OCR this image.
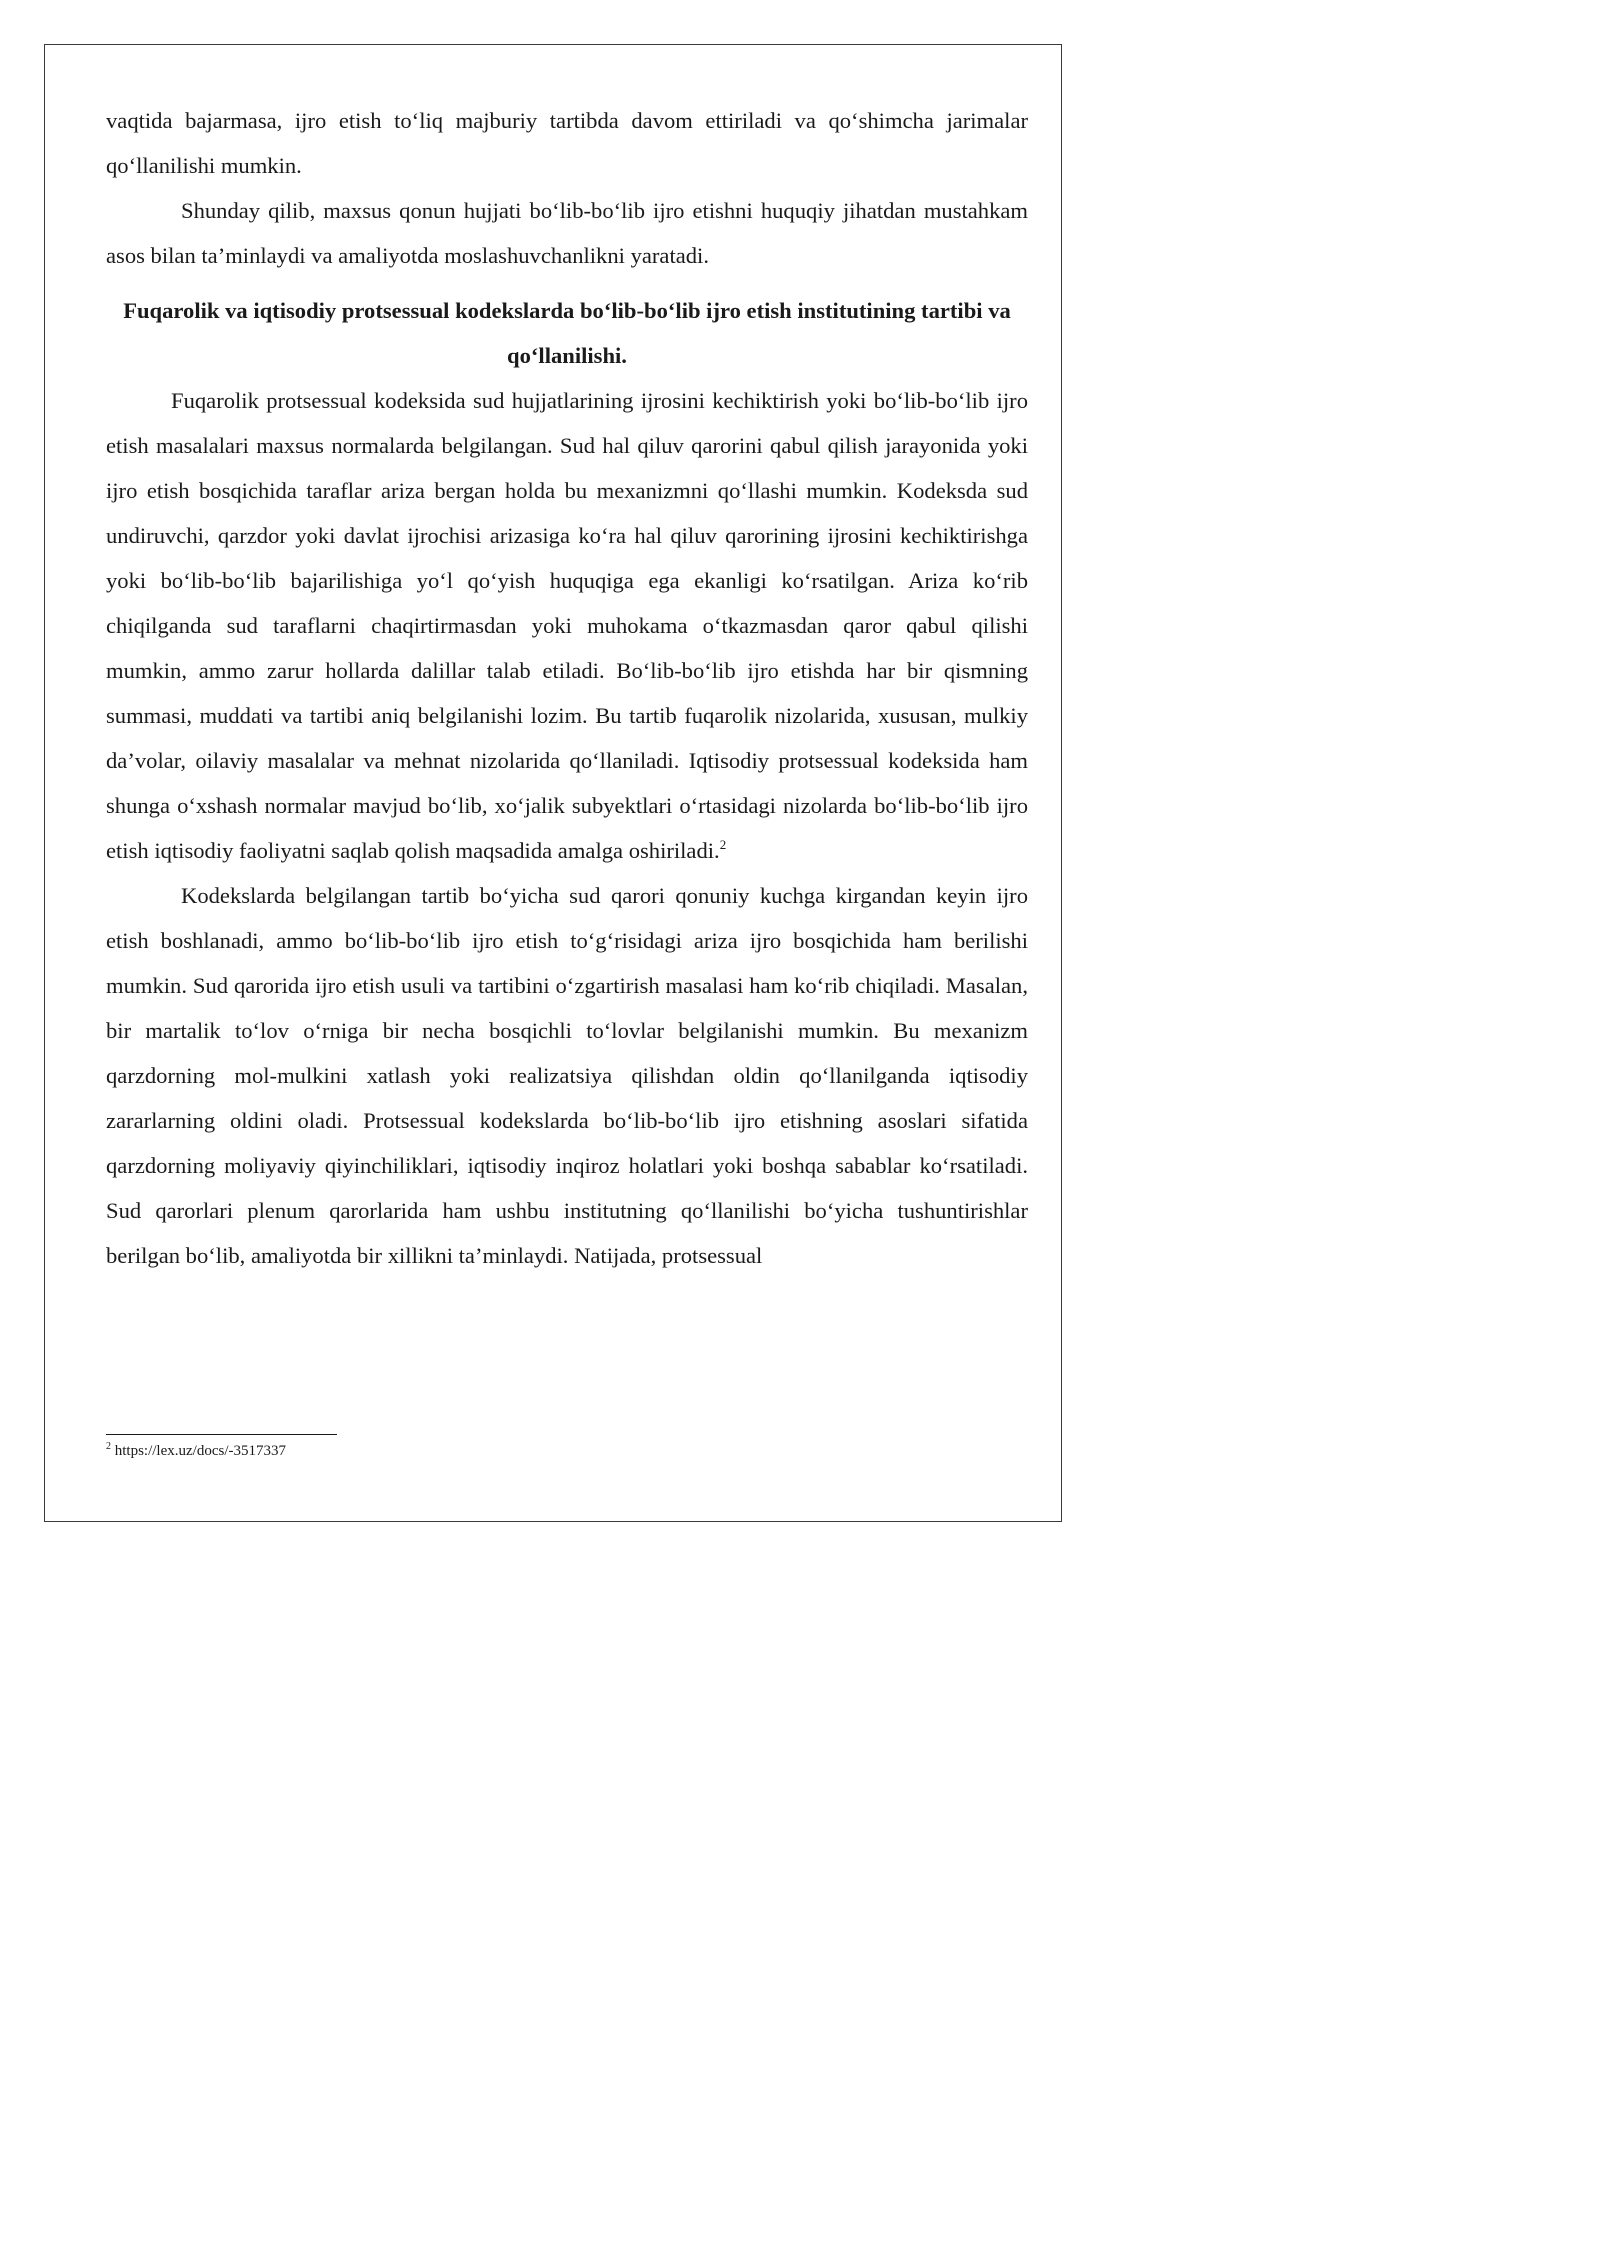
vaqtida bajarmasa, ijro etish to‘liq majburiy tartibda davom ettiriladi va qo‘shimcha jarimalar qo‘llanilishi mumkin.

Shunday qilib, maxsus qonun hujjati bo‘lib-bo‘lib ijro etishni huquqiy jihatdan mustahkam asos bilan ta’minlaydi va amaliyotda moslashuvchanlikni yaratadi.

Fuqarolik va iqtisodiy protsessual kodekslarda bo‘lib-bo‘lib ijro etish institutining tartibi va qo‘llanilishi.

Fuqarolik protsessual kodeksida sud hujjatlarining ijrosini kechiktirish yoki bo‘lib-bo‘lib ijro etish masalalari maxsus normalarda belgilangan. Sud hal qiluv qarorini qabul qilish jarayonida yoki ijro etish bosqichida taraflar ariza bergan holda bu mexanizmni qo‘llashi mumkin. Kodeksda sud undiruvchi, qarzdor yoki davlat ijrochisi arizasiga ko‘ra hal qiluv qarorining ijrosini kechiktirishga yoki bo‘lib-bo‘lib bajarilishiga yo‘l qo‘yish huquqiga ega ekanligi ko‘rsatilgan. Ariza ko‘rib chiqilganda sud taraflarni chaqirtirmasdan yoki muhokama o‘tkazmasdan qaror qabul qilishi mumkin, ammo zarur hollarda dalillar talab etiladi. Bo‘lib-bo‘lib ijro etishda har bir qismning summasi, muddati va tartibi aniq belgilanishi lozim. Bu tartib fuqarolik nizolarida, xususan, mulkiy da’volar, oilaviy masalalar va mehnat nizolarida qo‘llaniladi. Iqtisodiy protsessual kodeksida ham shunga o‘xshash normalar mavjud bo‘lib, xo‘jalik subyektlari o‘rtasidagi nizolarda bo‘lib-bo‘lib ijro etish iqtisodiy faoliyatni saqlab qolish maqsadida amalga oshiriladi.$^2$

Kodekslarda belgilangan tartib bo‘yicha sud qarori qonuniy kuchga kirgandan keyin ijro etish boshlanadi, ammo bo‘lib-bo‘lib ijro etish to‘g‘risidagi ariza ijro bosqichida ham berilishi mumkin. Sud qarorida ijro etish usuli va tartibini o‘zgartirish masalasi ham ko‘rib chiqiladi. Masalan, bir martalik to‘lov o‘rniga bir necha bosqichli to‘lovlar belgilanishi mumkin. Bu mexanizm qarzdorning mol-mulkini xatlash yoki realizatsiya qilishdan oldin qo‘llanilganda iqtisodiy zararlarning oldini oladi. Protsessual kodekslarda bo‘lib-bo‘lib ijro etishning asoslari sifatida qarzdorning moliyaviy qiyinchiliklari, iqtisodiy inqiroz holatlari yoki boshqa sabablar ko‘rsatiladi. Sud qarorlari plenum qarorlarida ham ushbu institutning qo‘llanilishi bo‘yicha tushuntirishlar berilgan bo‘lib, amaliyotda bir xillikni ta’minlaydi. Natijada, protsessual

$^2$ https://lex.uz/docs/-3517337
